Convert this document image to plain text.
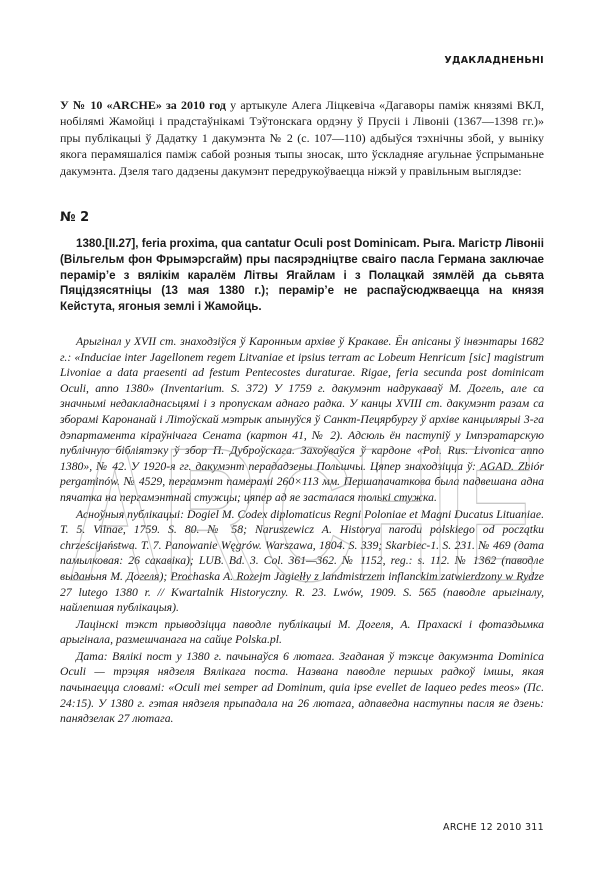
УДАКЛАДНЕНЬНІ
У № 10 «ARCHE» за 2010 год у артыкуле Алега Ліцкевіча «Дагаворы паміж князямі ВКЛ, нобілямі Жамойці і прадстаўнікамі Тэўтонскага ордэну ў Прусіі і Лівоніі (1367—1398 гг.)» пры публікацыі ў Дадатку 1 дакумэнта № 2 (с. 107—110) адбыўся тэхнічны збой, у выніку якога перамяшаліся паміж сабой розныя тыпы зносак, што ўскладняе агульнае ўспрыманьне дакумэнта. Дзеля таго дадзены дакумэнт передрукоўваецца ніжэй у правільным выглядзе:
№ 2
1380.[II.27], feria proxima, qua cantatur Oculi post Dominicam. Рыга. Магістр Лівоніі (Вільгельм фон Фрымэрсгайм) пры пасярэдніцтве сваіго пасла Германа заключае перамір’е з вялікім каралём Літвы Ягайлам і з Полацкай зямлёй да сьвята Пяцідзясятніцы (13 мая 1380 г.); перамір’е не распаўсюджваецца на князя Кейстута, ягоныя землі і Жамойць.

Арыгінал у XVII ст. знаходзіўся ў Каронным архіве ў Кракаве. Ён апісаны ў інвэнтары 1682 г.: «Induciae inter Jagellonem regem Litvaniae et ipsius terram ac Lobeum Henricum [sic] magistrum Livoniae a data praesenti ad festum Pentecostes duraturae. Rigae, feria secunda post dominicam Oculi, anno 1380» (Inventarium. S. 372) У 1759 г. дакумэнт надрукаваў М. Догель, але са значнымі недакладнасьцямі і з пропускам аднаго радка. У канцы XVIII ст. дакумэнт разам са зборамі Каронанай і Літоўскай мэтрык апынуўся ў Санкт-Пецярбургу ў архіве канцылярыі 3-га дэпартамента кіраўнічага Сената (картон 41, № 2). Адсюль ён паступіў у Імпэратарскую публічную бібліятэку ў збор П. Дуброўскага. Захоўваўся ў кардоне «Pol. Rus. Livonica anno 1380», № 42. У 1920-я гг. дакумэнт перададзены Польшчы. Цяпер знаходзіцца ў: AGAD. Zbiór pergaminów. № 4529, пергамэнт памерамі 260×113 мм. Першапачаткова была падвешана адна пячатка на пергамэнтнай стужцы; цяпер ад яе засталася толькі стужка.

Аснoўныя публікацыі: Dogiel M. Codex diplomaticus Regni Poloniae et Magni Ducatus Lituaniae. T. 5. Vilnae, 1759. S. 80. № 58; Naruszewicz A. Historya narodu polskiego od początku chrześcijaństwa. T. 7. Panowanie Węgrów. Warszawa, 1804. S. 339; Skarbiec-1. S. 231. № 469 (дата памылковая: 26 сакавіка); LUB. Bd. 3. Col. 361—362. № 1152, reg.: s. 112. № 1362 (паводле выданьня М. Догеля); Prochaska A. Rozejm Jagiełły z landmistrzem inflanckim zatwierdzony w Rydze 27 lutego 1380 r. // Kwartalnik Historyczny. R. 23. Lwów, 1909. S. 565 (паводле арыгіналу, найлепшая публікацыя).

Лацінскі тэкст прыводзіцца паводле публікацыі М. Догеля, А. Прахаскі і фотаздымка арыгінала, размешчанага на сайце Polska.pl.

Дата: Вялікі пост у 1380 г. пачынаўся 6 лютага. Згаданая ў тэксце дакумэнта Dominica Oculi — трэцяя нядзеля Вялікага поста. Названа паводле першых радкоў імшы, якая пачынаецца словамі: «Oculi mei semper ad Dominum, quia ipse evellet de laqueo pedes meos» (Пс. 24:15). У 1380 г. гэтая нядзеля прыпадала на 26 лютага, адпаведна наступны пасля яе дзень: панядзелак 27 лютага.

ARCHE
ARCHE 12 2010 311
